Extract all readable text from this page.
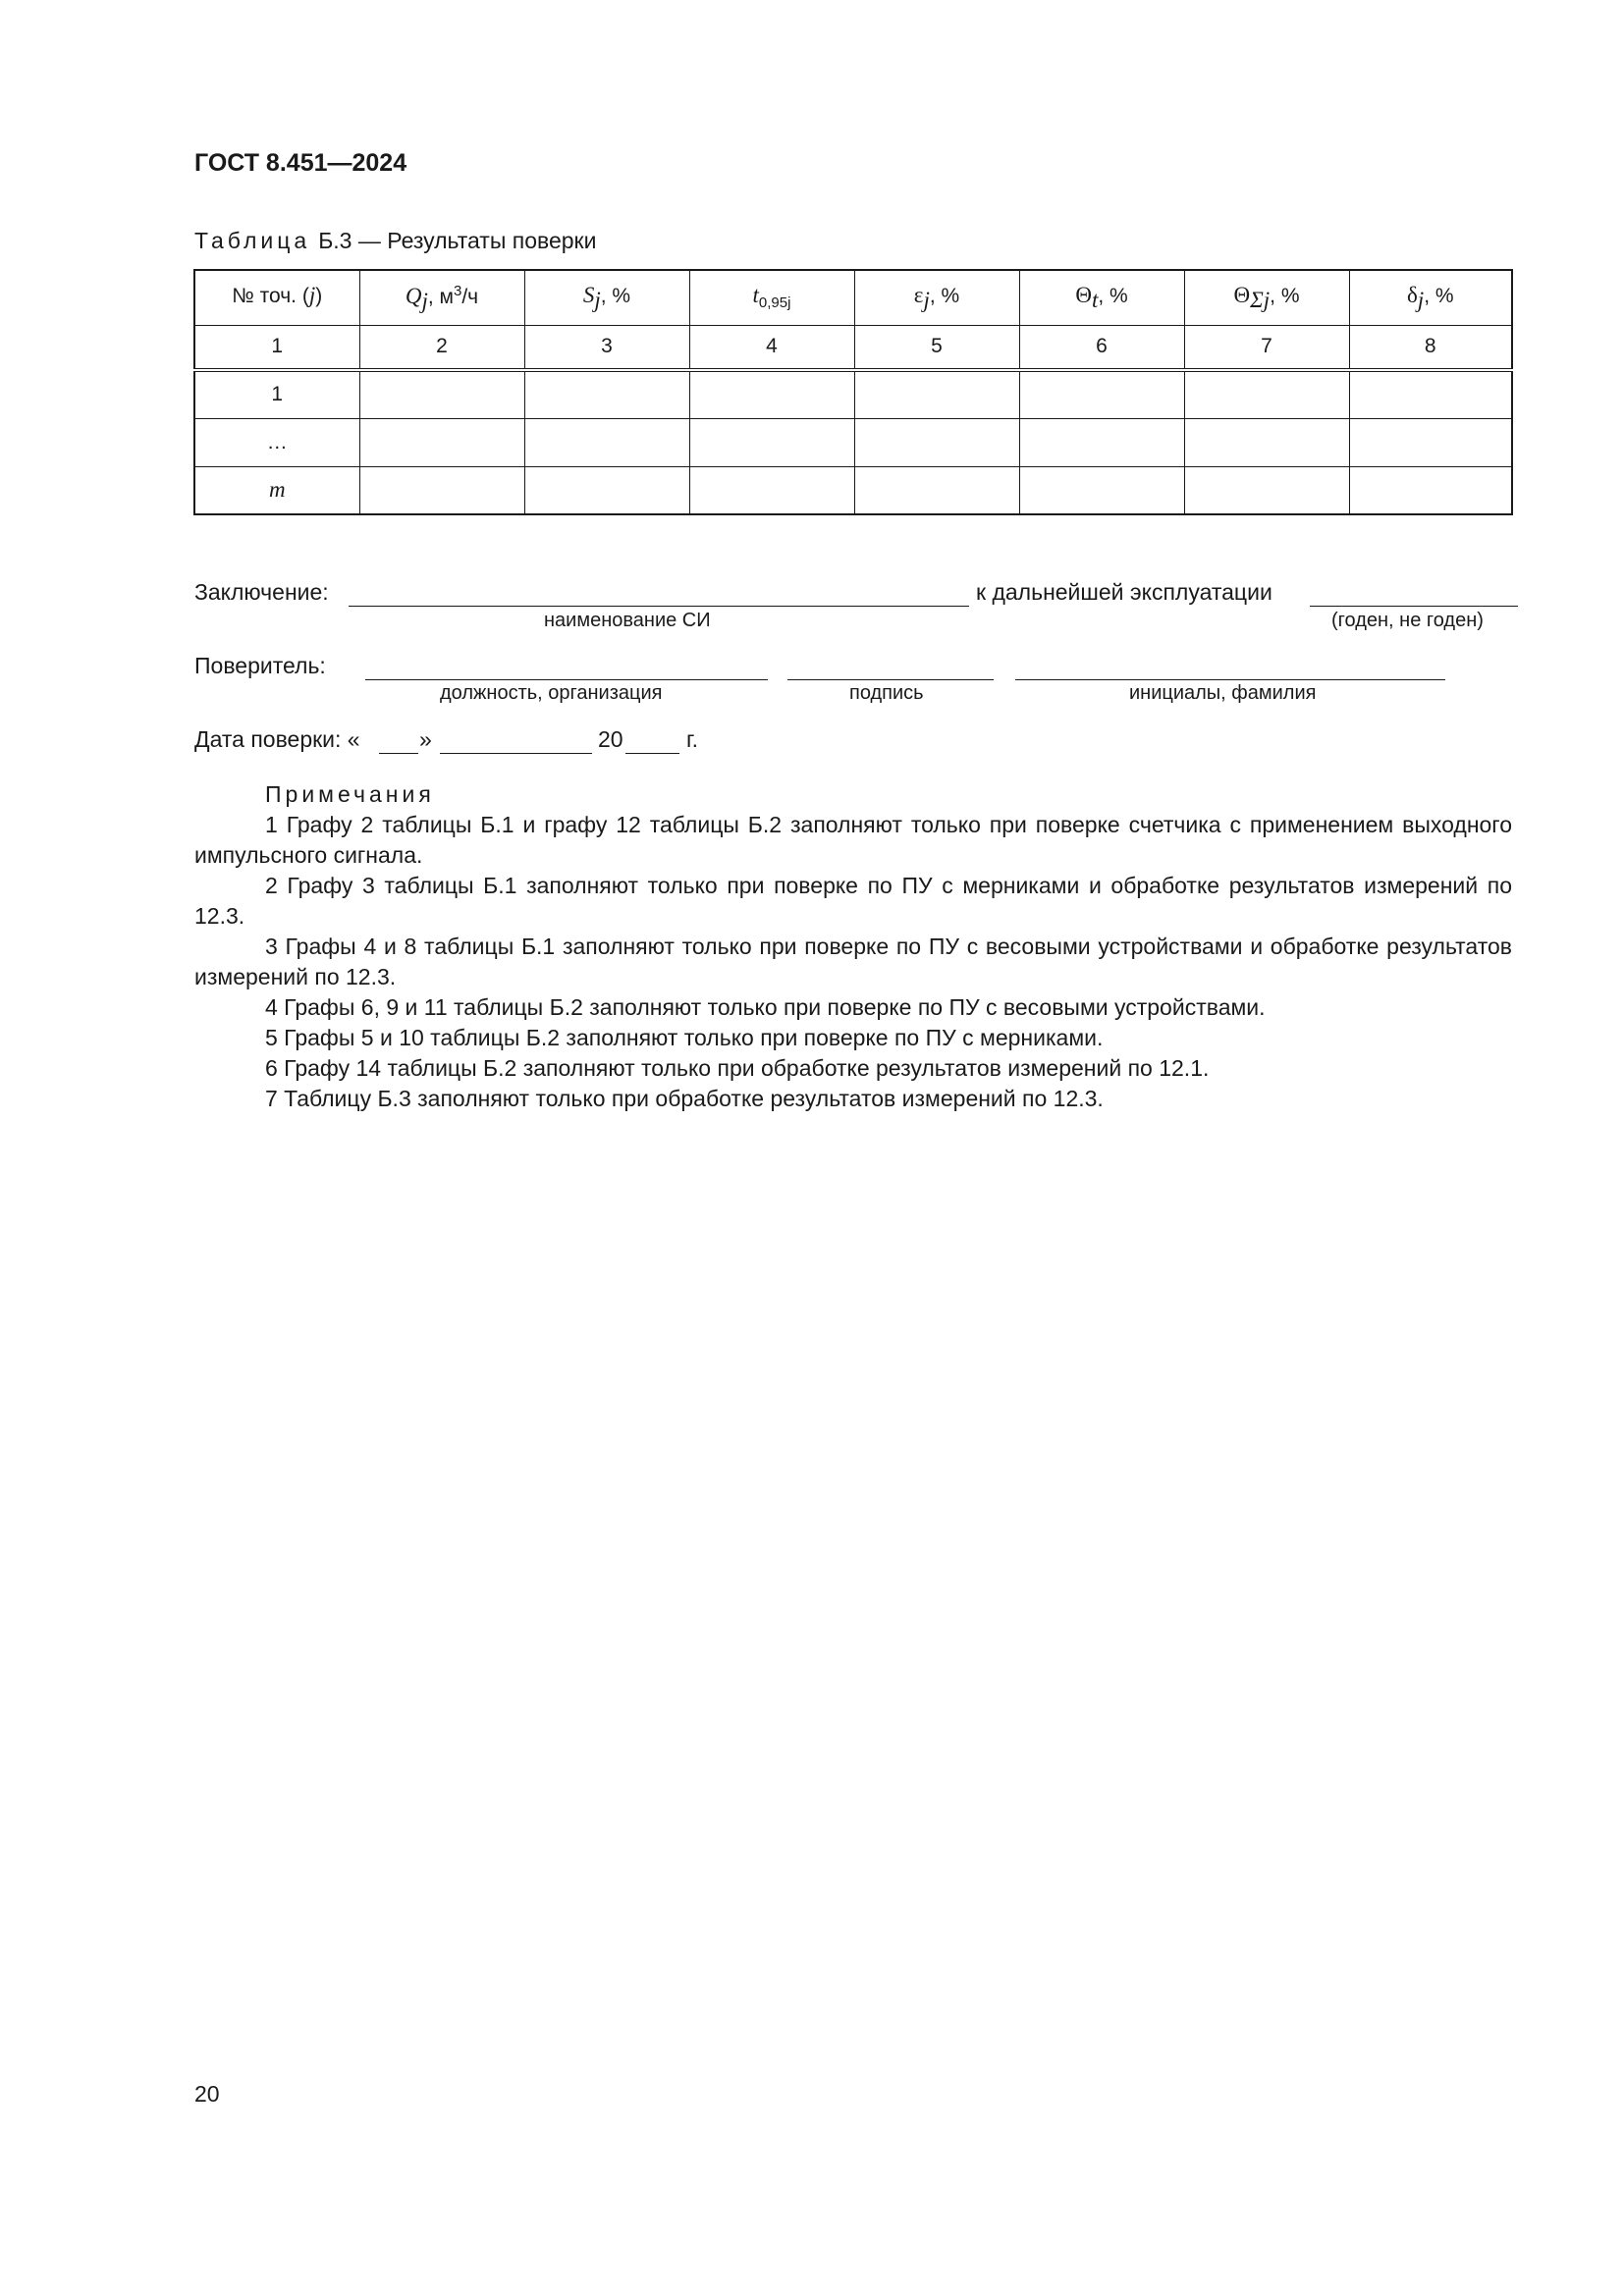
ГОСТ 8.451—2024
Таблица Б.3 — Результаты поверки
№ точ. (j)	$Q_j$, $м^3/ч$	$S_j$, %	$t_{0,95j}$	$\varepsilon_j$, %	$\Theta_t$, %	$\Theta_{\Sigma j}$, %	$\delta_j$, %
1	2	3	4	5	6	7	8
1							
…							
m							
Заключение:	к дальнейшей эксплуатации
наименование СИ	(годен, не годен)
Поверитель:
должность, организация	подпись	инициалы, фамилия
Дата поверки: «	»	20	г.
Примечания

1 Графу 2 таблицы Б.1 и графу 12 таблицы Б.2 заполняют только при поверке счетчика с применением выходного импульсного сигнала.

2 Графу 3 таблицы Б.1 заполняют только при поверке по ПУ с мерниками и обработке результатов измерений по 12.3.

3 Графы 4 и 8 таблицы Б.1 заполняют только при поверке по ПУ с весовыми устройствами и обработке результатов измерений по 12.3.

4 Графы 6, 9 и 11 таблицы Б.2 заполняют только при поверке по ПУ с весовыми устройствами.

5 Графы 5 и 10 таблицы Б.2 заполняют только при поверке по ПУ с мерниками.

6 Графу 14 таблицы Б.2 заполняют только при обработке результатов измерений по 12.1.

7 Таблицу Б.3 заполняют только при обработке результатов измерений по 12.3.

20
